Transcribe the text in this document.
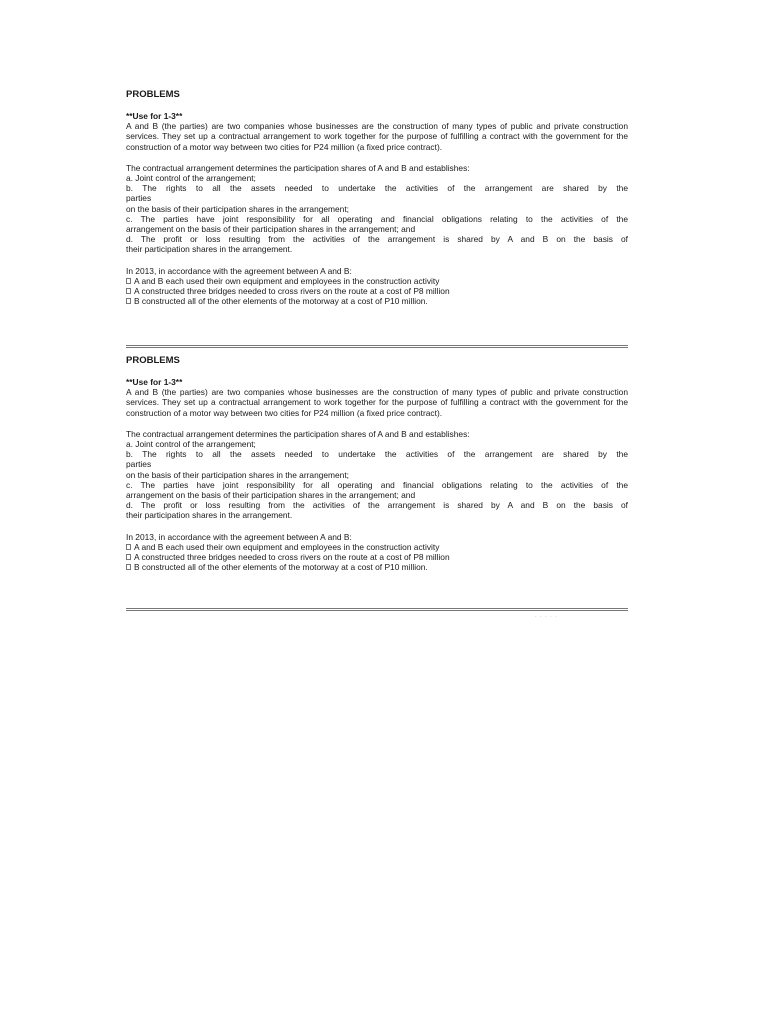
PROBLEMS

**Use for 1-3**

A and B (the parties) are two companies whose businesses are the construction of many types of public and private construction services. They set up a contractual arrangement to work together for the purpose of fulfilling a contract with the government for the construction of a motor way between two cities for P24 million (a fixed price contract).

The contractual arrangement determines the participation shares of A and B and establishes:

a. Joint control of the arrangement;

b. The rights to all the assets needed to undertake the activities of the arrangement are shared by the

parties

on the basis of their participation shares in the arrangement;

c. The parties have joint responsibility for all operating and financial obligations relating to the activities of the

arrangement on the basis of their participation shares in the arrangement; and

d. The profit or loss resulting from the activities of the arrangement is shared by A and B on the basis of

their participation shares in the arrangement.

In 2013, in accordance with the agreement between A and B:

A and B each used their own equipment and employees in the construction activity

A constructed three bridges needed to cross rivers on the route at a cost of P8 million

B constructed all of the other elements of the motorway at a cost of P10 million.

PROBLEMS

**Use for 1-3**

A and B (the parties) are two companies whose businesses are the construction of many types of public and private construction services. They set up a contractual arrangement to work together for the purpose of fulfilling a contract with the government for the construction of a motor way between two cities for P24 million (a fixed price contract).

The contractual arrangement determines the participation shares of A and B and establishes:

a. Joint control of the arrangement;

b. The rights to all the assets needed to undertake the activities of the arrangement are shared by the

parties

on the basis of their participation shares in the arrangement;

c. The parties have joint responsibility for all operating and financial obligations relating to the activities of the

arrangement on the basis of their participation shares in the arrangement; and

d. The profit or loss resulting from the activities of the arrangement is shared by A and B on the basis of

their participation shares in the arrangement.

In 2013, in accordance with the agreement between A and B:

A and B each used their own equipment and employees in the construction activity

A constructed three bridges needed to cross rivers on the route at a cost of P8 million

B constructed all of the other elements of the motorway at a cost of P10 million.

· · · · ·
